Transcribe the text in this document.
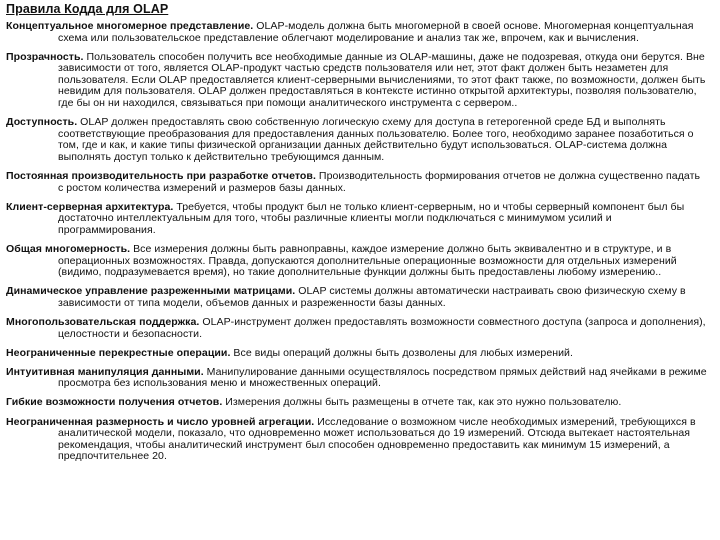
Правила Кодда для OLAP

Концептуальное многомерное представление. OLAP-модель должна быть многомерной в своей основе. Многомерная концептуальная схема или пользовательское представление облегчают моделирование и анализ так же, впрочем, как и вычисления.

Прозрачность. Пользователь способен получить все необходимые данные из OLAP-машины, даже не подозревая, откуда они берутся. Вне зависимости от того, является OLAP-продукт частью средств пользователя или нет, этот факт должен быть незаметен для пользователя. Если OLAP предоставляется клиент-серверными вычислениями, то этот факт также, по возможности, должен быть невидим для пользователя. OLAP должен предоставляться в контексте истинно открытой архитектуры, позволяя пользователю, где бы он ни находился, связываться при помощи аналитического инструмента с сервером..

Доступность. OLAP должен предоставлять свою собственную логическую схему для доступа в гетерогенной среде БД и выполнять соответствующие преобразования для предоставления данных пользователю. Более того, необходимо заранее позаботиться о том, где и как, и какие типы физической организации данных действительно будут использоваться. OLAP-система должна выполнять доступ только к действительно требующимся данным.

Постоянная производительность при разработке отчетов. Производительность формирования отчетов не должна существенно падать с ростом количества измерений и размеров базы данных.

Клиент-серверная архитектура. Требуется, чтобы продукт был не только клиент-серверным, но и чтобы серверный компонент был бы достаточно интеллектуальным для того, чтобы различные клиенты могли подключаться с минимумом усилий и программирования.

Общая многомерность. Все измерения должны быть равноправны, каждое измерение должно быть эквивалентно и в структуре, и в операционных возможностях. Правда, допускаются дополнительные операционные возможности для отдельных измерений (видимо, подразумевается время), но такие дополнительные функции должны быть предоставлены любому измерению..

Динамическое управление разреженными матрицами. OLAP системы должны автоматически настраивать свою физическую схему в зависимости от типа модели, объемов данных и разреженности базы данных.

Многопользовательская поддержка. OLAP-инструмент должен предоставлять возможности совместного доступа (запроса и дополнения), целостности и безопасности.

Неограниченные перекрестные операции. Все виды операций должны быть дозволены для любых измерений.

Интуитивная манипуляция данными. Манипулирование данными осуществлялось посредством прямых действий над ячейками в режиме просмотра без использования меню и множественных операций.

Гибкие возможности получения отчетов. Измерения должны быть размещены в отчете так, как это нужно пользователю.

Неограниченная размерность и число уровней агрегации. Исследование о возможном числе необходимых измерений, требующихся в аналитической модели, показало, что одновременно может использоваться до 19 измерений. Отсюда вытекает настоятельная рекомендация, чтобы аналитический инструмент был способен одновременно предоставить как минимум 15 измерений, а предпочтительнее 20.
